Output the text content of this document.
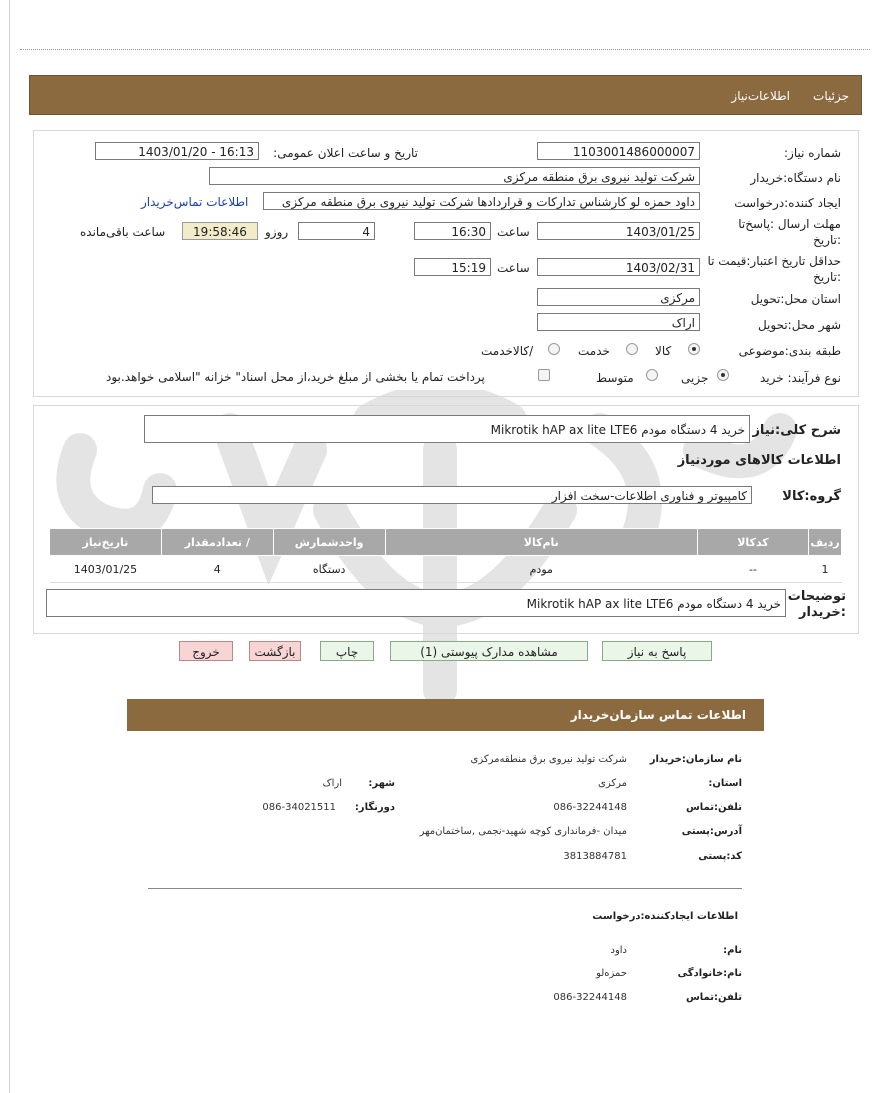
جزئيات
اطلاعات‌نیاز
شماره نیاز:
1103001486000007
تاریخ و ساعت اعلان عمومی:
1403/01/20 - 16:13
نام دستگاه:خریدار
شرکت تولید نیروی برق منطقه مرکزی
ایجاد کننده:درخواست
داود حمزه لو کارشناس تدارکات و قراردادها شرکت تولید نیروی برق منطقه مرکزی
اطلاعات تماس‌خریدار
مهلت ارسال :پاسخ‌تا :تاریخ
1403/01/25
ساعت
16:30
4
روزو
19:58:46
ساعت باقی‌مانده
حداقل تاریخ اعتبار:قیمت تا :تاریخ
1403/02/31
ساعت
15:19
استان محل:تحویل
مرکزی
شهر محل:تحویل
اراک
طبقه بندی:موضوعی
کالا
خدمت
/کالاخدمت
نوع فرآیند: خرید
جزیی
متوسط
پرداخت تمام یا بخشی از مبلغ خرید،از محل اسناد" خزانه "اسلامی خواهد.بود
شرح کلی:نیاز
خرید 4 دستگاه مودم Mikrotik hAP ax lite LTE6
اطلاعات کالاهای موردنیاز
گروه:کالا
کامپیوتر و فناوری اطلاعات-سخت افزار
ردیف	کدکالا	نام‌کالا	واحدشمارش	/ تعدادمقدار	تاریخ‌نیاز
1	--	مودم	دستگاه	4	1403/01/25
توضیحات :خریدار
خرید 4 دستگاه مودم Mikrotik hAP ax lite LTE6
پاسخ به نیاز
مشاهده مدارک پیوستی (1)
چاپ
بازگشت
خروج
اطلاعات تماس سازمان‌خریدار
نام سازمان:خریدار
شرکت تولید نیروی برق منطقه‌مرکزی
استان:
مرکزی
شهر:
اراک
تلفن:تماس
086-32244148
دورنگار:
086-34021511
آدرس:پستی
میدان -فرمانداری کوچه شهید-نجمی ,ساختمان‌مهر
کد:پستی
3813884781
اطلاعات ایجادکننده:درخواست
نام:
داود
نام:خانوادگی
حمزه‌لو
تلفن:تماس
086-32244148
